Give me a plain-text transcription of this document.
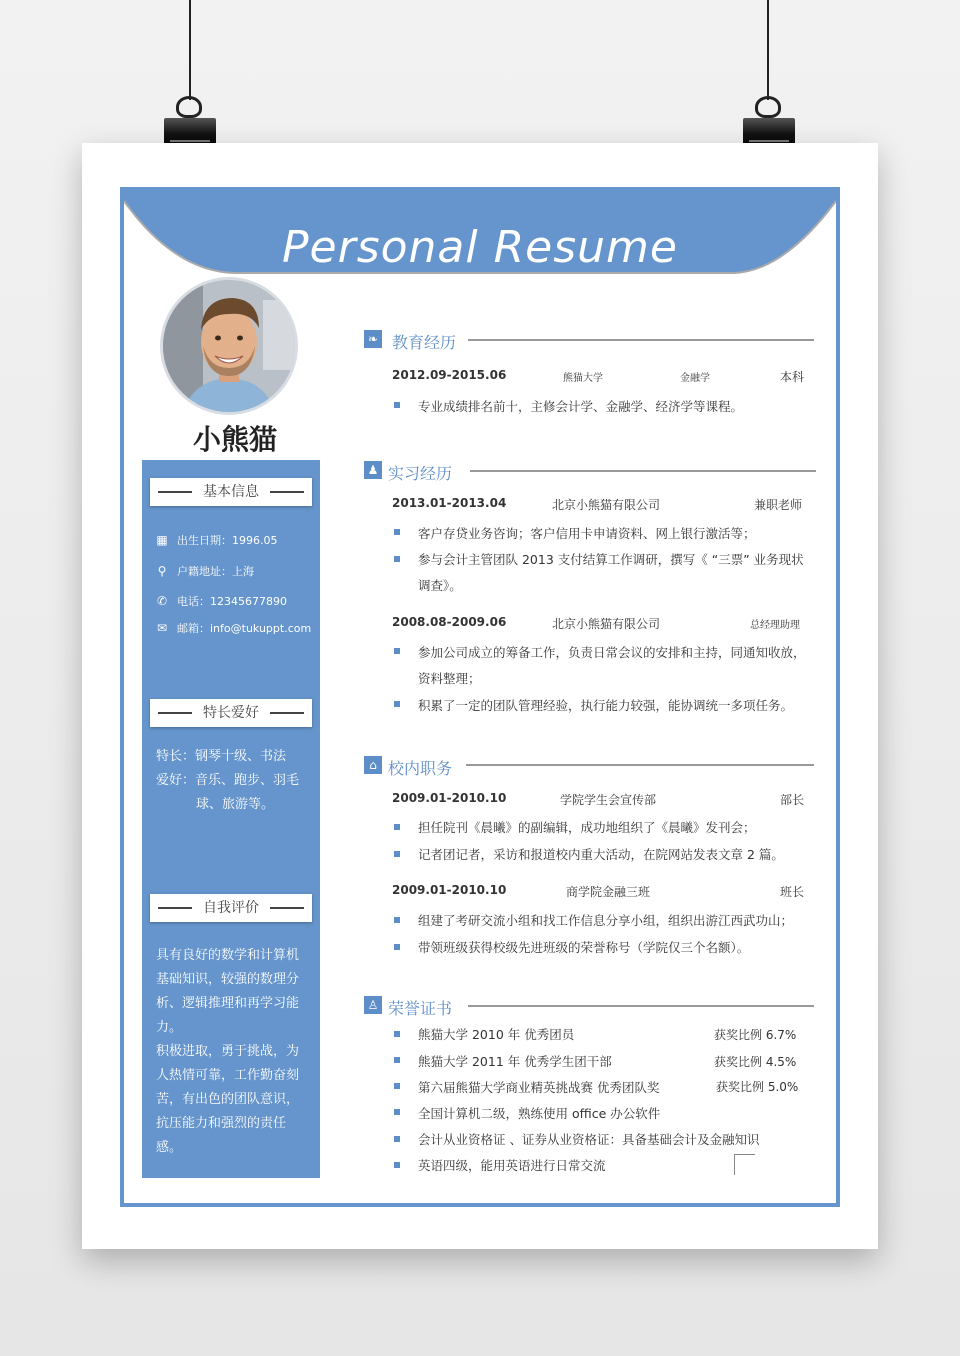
Personal Resume
小熊猫
基本信息
▦ 出生日期：1996.05
⚲ 户籍地址：上海
✆ 电话：12345677890
✉ 邮箱：info@tukuppt.com
特长爱好
特长：钢琴十级、书法
爱好：音乐、跑步、羽毛
球、旅游等。
自我评价
具有良好的数学和计算机
基础知识，较强的数理分
析、逻辑推理和再学习能
力。
积极进取，勇于挑战，为
人热情可靠，工作勤奋刻
苦，有出色的团队意识，
抗压能力和强烈的责任
感。
❧ 教育经历
2012.09-2015.06	熊猫大学	金融学	本科
专业成绩排名前十，主修会计学、金融学、经济学等课程。
♟ 实习经历
2013.01-2013.04	北京小熊猫有限公司	兼职老师
客户存贷业务咨询；客户信用卡申请资料、网上银行激活等；
参与会计主管团队 2013 支付结算工作调研，撰写《 “三票” 业务现状
调查》。
2008.08-2009.06	北京小熊猫有限公司	总经理助理
参加公司成立的筹备工作，负责日常会议的安排和主持，同通知收放，
资料整理；
积累了一定的团队管理经验，执行能力较强，能协调统一多项任务。
⌂ 校内职务
2009.01-2010.10	学院学生会宣传部	部长
担任院刊《晨曦》的副编辑，成功地组织了《晨曦》发刊会；
记者团记者，采访和报道校内重大活动，在院网站发表文章 2 篇。
2009.01-2010.10	商学院金融三班	班长
组建了考研交流小组和找工作信息分享小组，组织出游江西武功山；
带领班级获得校级先进班级的荣誉称号（学院仅三个名额）。
♙ 荣誉证书
熊猫大学 2010 年 优秀团员	获奖比例 6.7%
熊猫大学 2011 年 优秀学生团干部	获奖比例 4.5%
第六届熊猫大学商业精英挑战赛 优秀团队奖	获奖比例 5.0%
全国计算机二级，熟练使用 office 办公软件
会计从业资格证 、证券从业资格证：具备基础会计及金融知识
英语四级，能用英语进行日常交流
